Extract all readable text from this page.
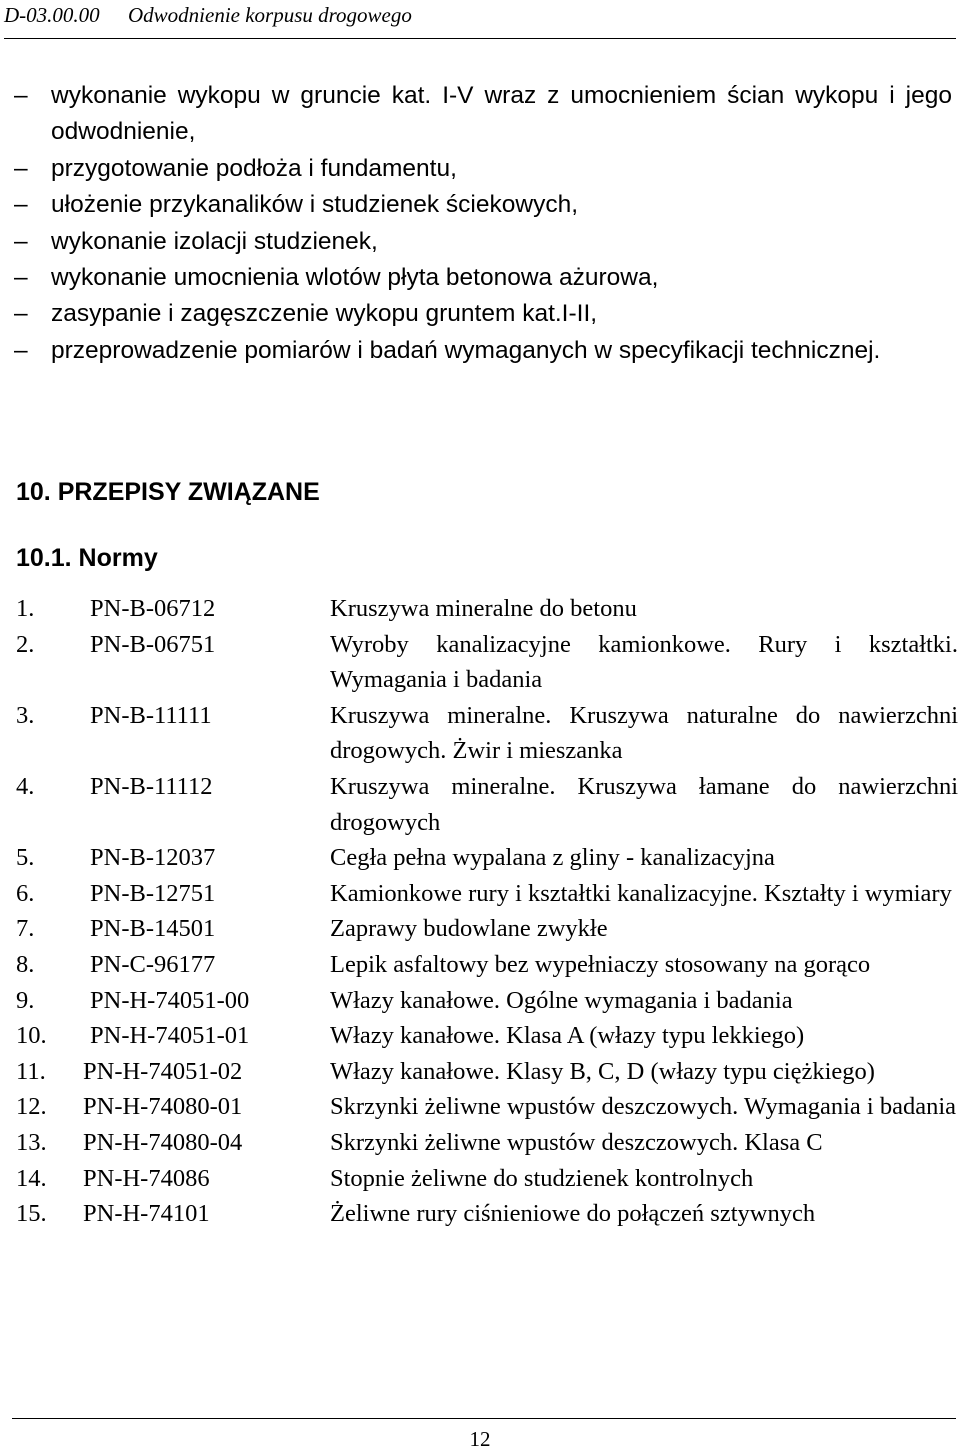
D-03.00.00 Odwodnienie korpusu drogowego
– wykonanie wykopu w gruncie kat. I-V wraz z umocnieniem ścian wykopu i jego odwodnienie,
– przygotowanie podłoża i fundamentu,
– ułożenie przykanalików i studzienek ściekowych,
– wykonanie izolacji studzienek,
– wykonanie umocnienia wlotów płyta betonowa ażurowa,
– zasypanie i zagęszczenie wykopu gruntem kat.I-II,
– przeprowadzenie pomiarów i badań wymaganych w specyfikacji technicznej.
10. PRZEPISY ZWIĄZANE
10.1. Normy
1. PN-B-06712	Kruszywa mineralne do betonu
2. PN-B-06751	Wyroby kanalizacyjne kamionkowe. Rury i kształtki. Wymagania i badania
3. PN-B-11111	Kruszywa mineralne. Kruszywa naturalne do nawierzchni drogowych. Żwir i mieszanka
4. PN-B-11112	Kruszywa mineralne. Kruszywa łamane do nawierzchni drogowych
5. PN-B-12037	Cegła pełna wypalana z gliny - kanalizacyjna
6. PN-B-12751	Kamionkowe rury i kształtki kanalizacyjne. Kształty i wymiary
7. PN-B-14501	Zaprawy budowlane zwykłe
8. PN-C-96177	Lepik asfaltowy bez wypełniaczy stosowany na gorąco
9. PN-H-74051-00	Włazy kanałowe. Ogólne wymagania i badania
10. PN-H-74051-01	Włazy kanałowe. Klasa A (włazy typu lekkiego)
11. PN-H-74051-02	Włazy kanałowe. Klasy B, C, D (włazy typu ciężkiego)
12. PN-H-74080-01	Skrzynki żeliwne wpustów deszczowych. Wymagania i badania
13. PN-H-74080-04	Skrzynki żeliwne wpustów deszczowych. Klasa C
14. PN-H-74086	Stopnie żeliwne do studzienek kontrolnych
15. PN-H-74101	Żeliwne rury ciśnieniowe do połączeń sztywnych
12
